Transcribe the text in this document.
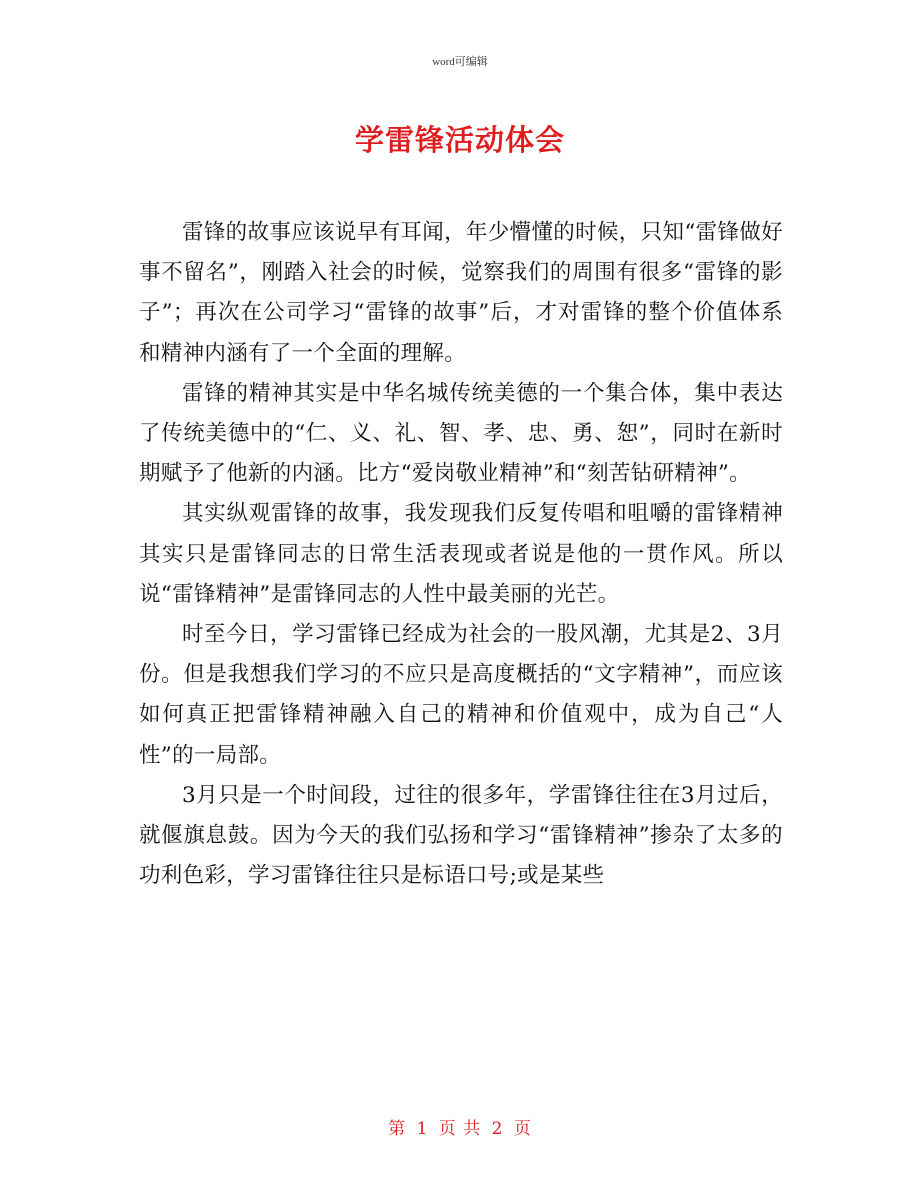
word可编辑
学雷锋活动体会

雷锋的故事应该说早有耳闻，年少懵懂的时候，只知“雷锋做好事不留名”，刚踏入社会的时候，觉察我们的周围有很多“雷锋的影子”；再次在公司学习“雷锋的故事”后，才对雷锋的整个价值体系和精神内涵有了一个全面的理解。

雷锋的精神其实是中华名城传统美德的一个集合体，集中表达了传统美德中的“仁、义、礼、智、孝、忠、勇、恕”，同时在新时期赋予了他新的内涵。比方“爱岗敬业精神”和“刻苦钻研精神”。

其实纵观雷锋的故事，我发现我们反复传唱和咀嚼的雷锋精神其实只是雷锋同志的日常生活表现或者说是他的一贯作风。所以说“雷锋精神”是雷锋同志的人性中最美丽的光芒。

时至今日，学习雷锋已经成为社会的一股风潮，尤其是2、3月份。但是我想我们学习的不应只是高度概括的“文字精神”，而应该如何真正把雷锋精神融入自己的精神和价值观中，成为自己“人性”的一局部。

3月只是一个时间段，过往的很多年，学雷锋往往在3月过后，就偃旗息鼓。因为今天的我们弘扬和学习“雷锋精神”掺杂了太多的功利色彩，学习雷锋往往只是标语口号;或是某些

第 1 页 共 2 页
